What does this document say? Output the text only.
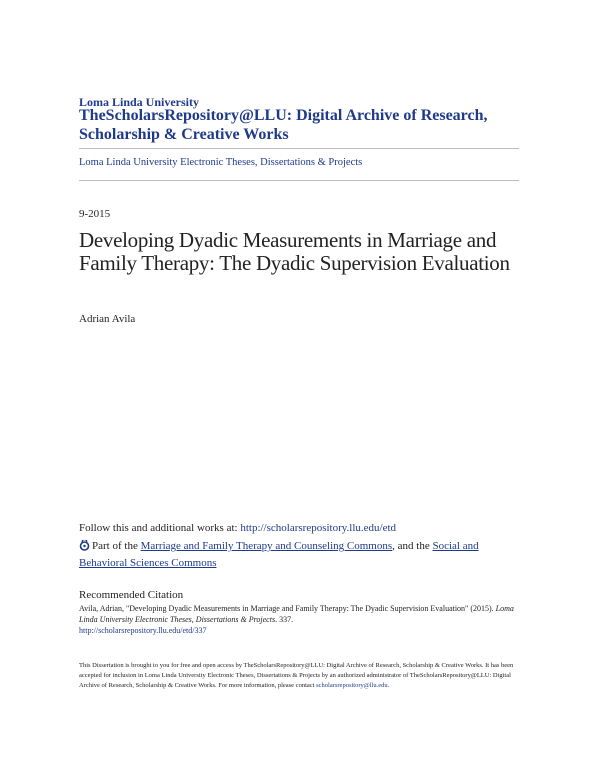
Loma Linda University
TheScholarsRepository@LLU: Digital Archive of Research, Scholarship & Creative Works
Loma Linda University Electronic Theses, Dissertations & Projects
9-2015
Developing Dyadic Measurements in Marriage and Family Therapy: The Dyadic Supervision Evaluation
Adrian Avila
Follow this and additional works at: http://scholarsrepository.llu.edu/etd
Part of the Marriage and Family Therapy and Counseling Commons, and the Social and Behavioral Sciences Commons
Recommended Citation
Avila, Adrian, "Developing Dyadic Measurements in Marriage and Family Therapy: The Dyadic Supervision Evaluation" (2015). Loma Linda University Electronic Theses, Dissertations & Projects. 337.
http://scholarsrepository.llu.edu/etd/337
This Dissertation is brought to you for free and open access by TheScholarsRepository@LLU: Digital Archive of Research, Scholarship & Creative Works. It has been accepted for inclusion in Loma Linda University Electronic Theses, Dissertations & Projects by an authorized administrator of TheScholarsRepository@LLU: Digital Archive of Research, Scholarship & Creative Works. For more information, please contact scholarsrepository@llu.edu.
